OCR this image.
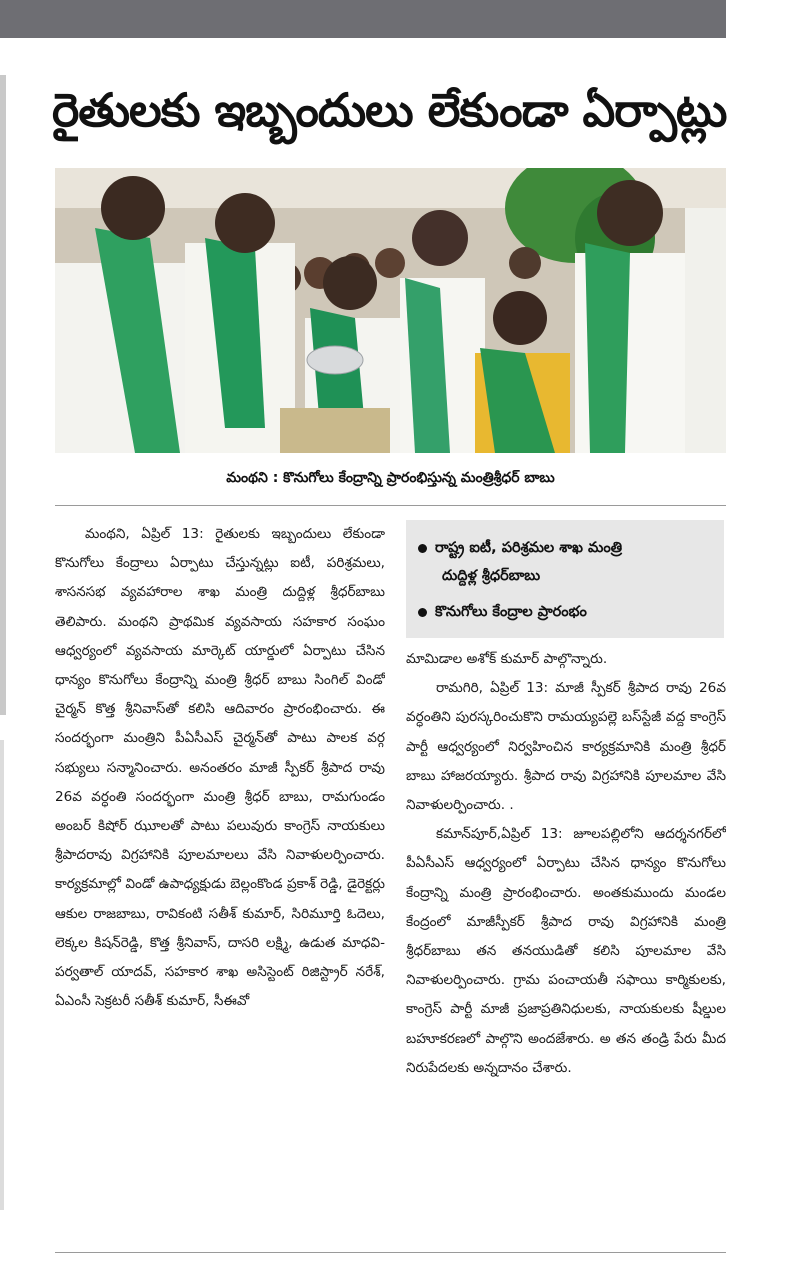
రైతులకు ఇబ్బందులు లేకుండా ఏర్పాట్లు
మంథని : కొనుగోలు కేంద్రాన్ని ప్రారంభిస్తున్న మంత్రిశ్రీధర్ బాబు

మంథని, ఏప్రిల్ 13: రైతులకు ఇబ్బందులు లేకుండా కొనుగోలు కేంద్రాలు ఏర్పాటు చేస్తున్నట్లు ఐటీ, పరిశ్రమలు, శాసనసభ వ్యవహారాల శాఖ మంత్రి దుద్దిళ్ల శ్రీధర్‌బాబు తెలిపారు. మంథని ప్రాథమిక వ్యవసాయ సహకార సంఘం ఆధ్వర్యంలో వ్యవసాయ మార్కెట్ యార్డులో ఏర్పాటు చేసిన ధాన్యం కొనుగోలు కేంద్రాన్ని మంత్రి శ్రీధర్ బాబు సింగిల్ విండో చైర్మన్ కొత్త శ్రీనివాస్‌తో కలిసి ఆదివారం ప్రారంభించారు. ఈ సందర్భంగా మంత్రిని పీఏసీఎస్ చైర్మన్‌తో పాటు పాలక వర్గ సభ్యులు సన్మానించారు. అనంతరం మాజీ స్పీకర్ శ్రీపాద రావు 26వ వర్ధంతి సందర్భంగా మంత్రి శ్రీధర్ బాబు, రామగుండం అంబర్ కిషోర్ ఝూలతో పాటు పలువురు కాంగ్రెస్ నాయకులు శ్రీపాదరావు విగ్రహానికి పూలమాలలు వేసి నివాళులర్పించారు. కార్యక్రమాల్లో విండో ఉపాధ్యక్షుడు బెల్లంకొండ ప్రకాశ్ రెడ్డి, డైరెక్టర్లు ఆకుల రాజబాబు, రావికంటి సతీశ్ కుమార్, సిరిమూర్తి ఓదెలు, లెక్కల కిషన్‌రెడ్డి, కొత్త శ్రీనివాస్, దాసరి లక్ష్మి, ఉడుత మాధవి-పర్వతాల్ యాదవ్, సహకార శాఖ అసిస్టెంట్ రిజిస్ట్రార్ నరేశ్, ఏఎంసీ సెక్రటరీ సతీశ్ కుమార్, సీఈవో

రాష్ట్ర ఐటీ, పరిశ్రమల శాఖ మంత్రి
దుద్దిళ్ల శ్రీధర్‌బాబు
కొనుగోలు కేంద్రాల ప్రారంభం

మామిడాల అశోక్ కుమార్ పాల్గొన్నారు.

రామగిరి, ఏప్రిల్ 13: మాజీ స్పీకర్ శ్రీపాద రావు 26వ వర్ధంతిని పురస్కరించుకొని రామయ్యపల్లె బస్‌స్టేజీ వద్ద కాంగ్రెస్ పార్టీ ఆధ్వర్యంలో నిర్వహించిన కార్యక్రమానికి మంత్రి శ్రీధర్ బాబు హాజరయ్యారు. శ్రీపాద రావు విగ్రహానికి పూలమాల వేసి నివాళులర్పించారు. .

కమాన్‌పూర్,ఏప్రిల్ 13: జూలపల్లిలోని ఆదర్శనగర్‌లో పీఏసీఎస్ ఆధ్వర్యంలో ఏర్పాటు చేసిన ధాన్యం కొనుగోలు కేంద్రాన్ని మంత్రి ప్రారంభించారు. అంతకుముందు మండల కేంద్రంలో మాజీస్పీకర్ శ్రీపాద రావు విగ్రహానికి మంత్రి శ్రీధర్‌బాబు తన తనయుడితో కలిసి పూలమాల వేసి నివాళులర్పించారు. గ్రామ పంచాయతీ సఫాయి కార్మికులకు, కాంగ్రెస్ పార్టీ మాజీ ప్రజాప్రతినిధులకు, నాయకులకు షీల్డుల బహూకరణలో పాల్గొని అందజేశారు. అ తన తండ్రి పేరు మీద నిరుపేదలకు అన్నదానం చేశారు.
